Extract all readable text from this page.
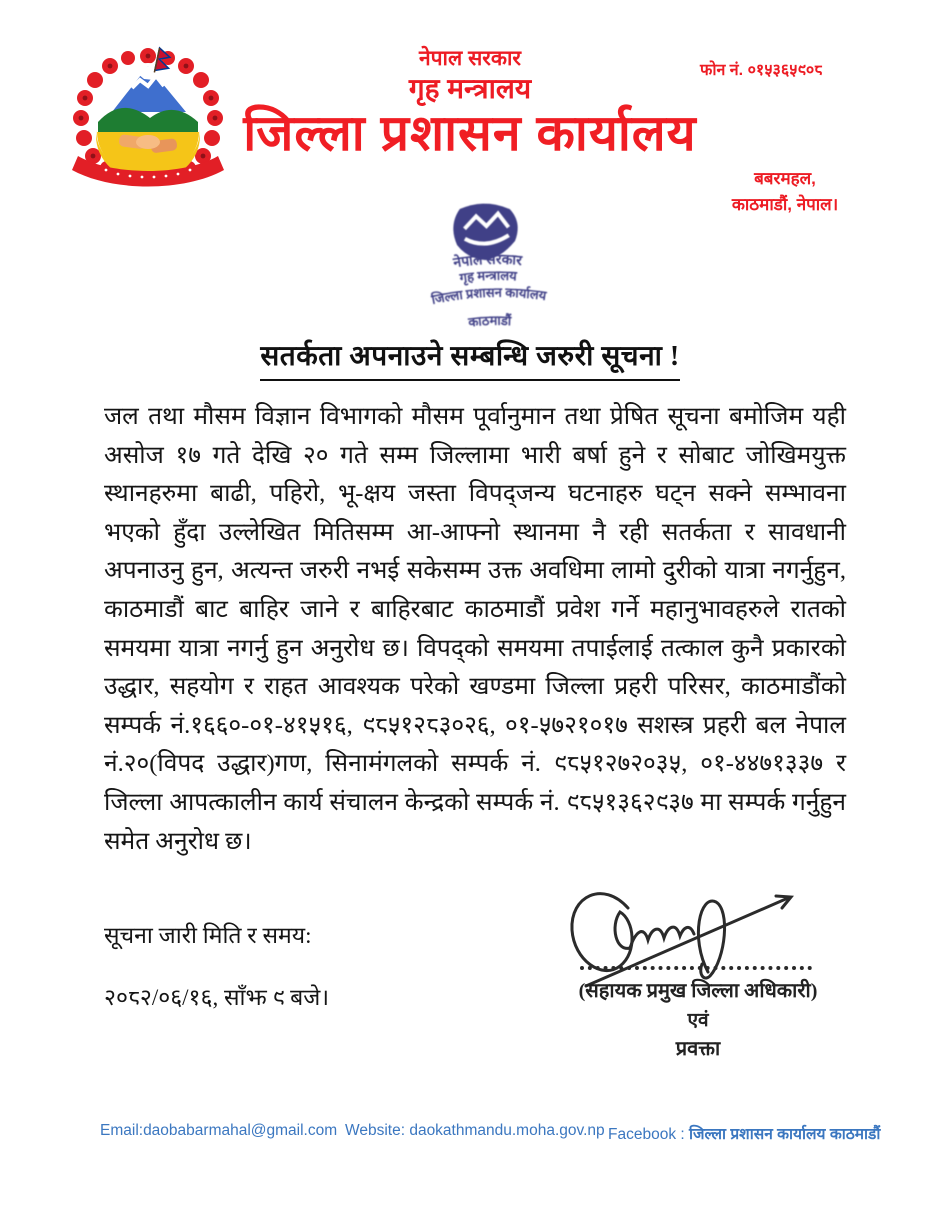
नेपाल सरकार
गृह मन्त्रालय
जिल्ला प्रशासन कार्यालय
फोन नं. ०१५३६५९०८
बबरमहल,
काठमाडौं, नेपाल।
नेपाल सरकार
गृह मन्त्रालय
जिल्ला प्रशासन कार्यालय
काठमाडौं
सतर्कता अपनाउने सम्बन्धि जरुरी सूचना !
जल तथा मौसम विज्ञान विभागको मौसम पूर्वानुमान तथा प्रेषित सूचना बमोजिम यही असोज १७ गते देखि २० गते सम्म जिल्लामा भारी बर्षा हुने र सोबाट जोखिमयुक्त स्थानहरुमा बाढी, पहिरो, भू-क्षय जस्ता विपद्जन्य घटनाहरु घट्न सक्ने सम्भावना भएको हुँदा उल्लेखित मितिसम्म आ-आफ्नो स्थानमा नै रही सतर्कता र सावधानी अपनाउनु हुन, अत्यन्त जरुरी नभई सकेसम्म उक्त अवधिमा लामो दुरीको यात्रा नगर्नुहुन, काठमाडौं बाट बाहिर जाने र बाहिरबाट काठमाडौं प्रवेश गर्ने महानुभावहरुले रातको समयमा यात्रा नगर्नु हुन अनुरोध छ। विपद्को समयमा तपाईलाई तत्काल कुनै प्रकारको उद्धार, सहयोग र राहत आवश्यक परेको खण्डमा जिल्ला प्रहरी परिसर, काठमाडौंको सम्पर्क नं.१६६०-०१-४१५१६, ९८५१२८३०२६, ०१-५७२१०१७ सशस्त्र प्रहरी बल नेपाल नं.२०(विपद उद्धार)गण, सिनामंगलको सम्पर्क नं. ९८५१२७२०३५, ०१-४४७१३३७ र जिल्ला आपत्कालीन कार्य संचालन केन्द्रको सम्पर्क नं. ९८५१३६२९३७ मा सम्पर्क गर्नुहुन समेत अनुरोध छ।
सूचना जारी मिति र समय:
२०८२/०६/१६, साँझ ९ बजे।	(सहायक प्रमुख जिल्ला अधिकारी)
एवं
प्रवक्ता
Email:daobabarmahal@gmail.com Website: daokathmandu.moha.gov.np Facebook : जिल्ला प्रशासन कार्यालय काठमाडौं
